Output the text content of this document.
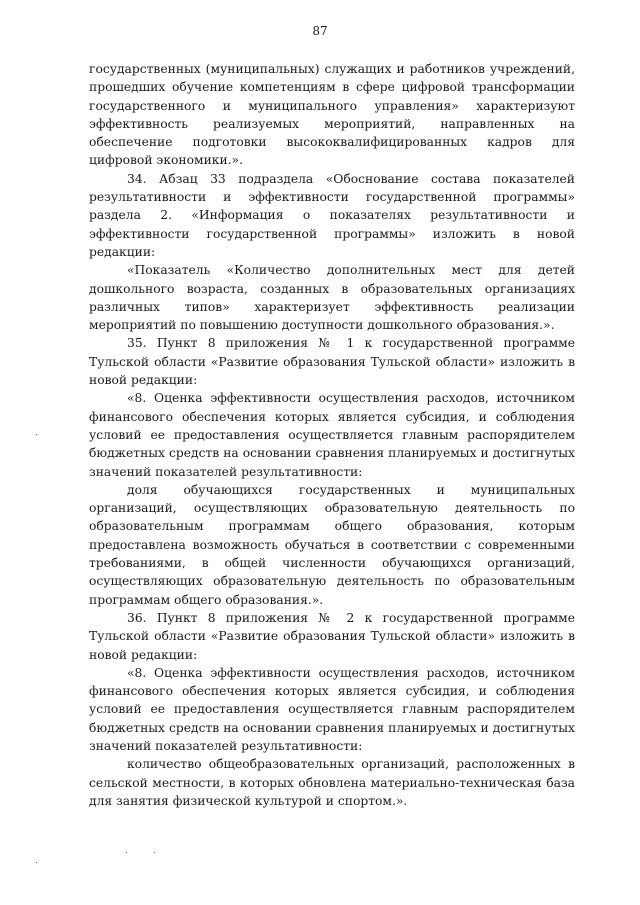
87

государственных (муниципальных) служащих и работников учреждений, прошедших обучение компетенциям в сфере цифровой трансформации государственного и муниципального управления» характеризуют эффективность реализуемых мероприятий, направленных на обеспечение подготовки высококвалифицированных кадров для цифровой экономики.».

34. Абзац 33 подраздела «Обоснование состава показателей результативности и эффективности государственной программы» раздела 2. «Информация о показателях результативности и эффективности государственной программы» изложить в новой редакции:

«Показатель «Количество дополнительных мест для детей дошкольного возраста, созданных в образовательных организациях различных типов» характеризует эффективность реализации мероприятий по повышению доступности дошкольного образования.».

35. Пункт 8 приложения № 1 к государственной программе Тульской области «Развитие образования Тульской области» изложить в новой редакции:

«8. Оценка эффективности осуществления расходов, источником финансового обеспечения которых является субсидия, и соблюдения условий ее предоставления осуществляется главным распорядителем бюджетных средств на основании сравнения планируемых и достигнутых значений показателей результативности:

доля обучающихся государственных и муниципальных организаций, осуществляющих образовательную деятельность по образовательным программам общего образования, которым предоставлена возможность обучаться в соответствии с современными требованиями, в общей численности обучающихся организаций, осуществляющих образовательную деятельность по образовательным программам общего образования.».

36. Пункт 8 приложения № 2 к государственной программе Тульской области «Развитие образования Тульской области» изложить в новой редакции:

«8. Оценка эффективности осуществления расходов, источником финансового обеспечения которых является субсидия, и соблюдения условий ее предоставления осуществляется главным распорядителем бюджетных средств на основании сравнения планируемых и достигнутых значений показателей результативности:

количество общеобразовательных организаций, расположенных в сельской местности, в которых обновлена материально-техническая база для занятия физической культурой и спортом.».
